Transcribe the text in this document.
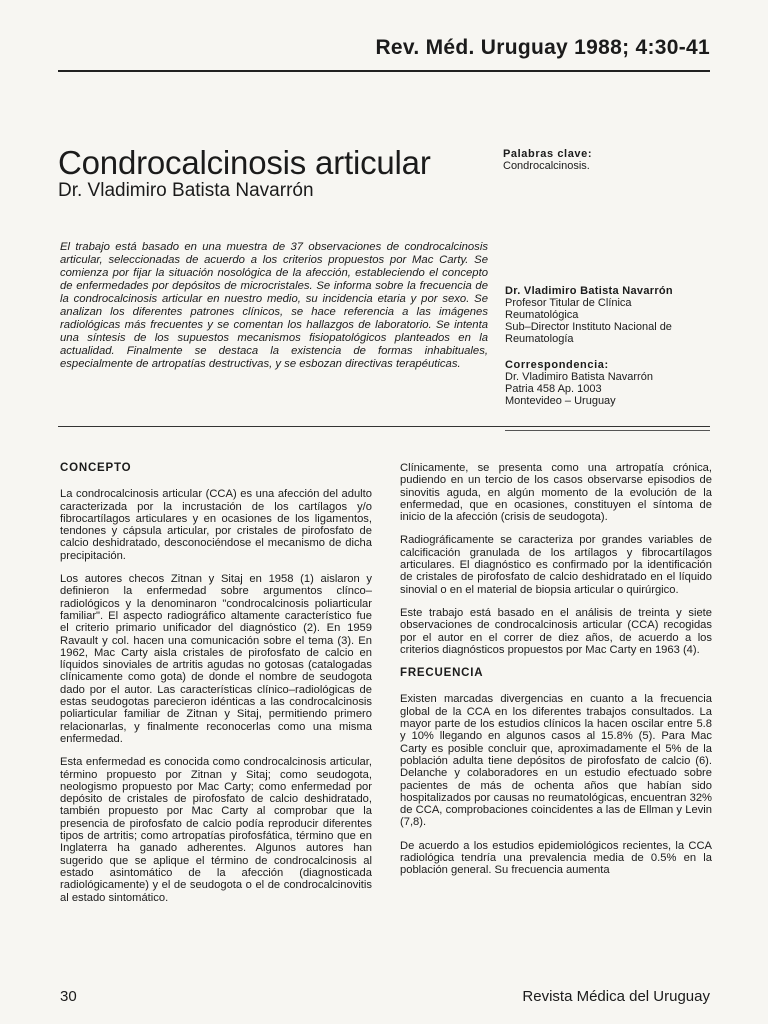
Rev. Méd. Uruguay 1988; 4:30-41
Condrocalcinosis articular
Dr. Vladimiro Batista Navarrón
Palabras clave:
Condrocalcinosis.
El trabajo está basado en una muestra de 37 observaciones de condrocalcinosis articular, seleccionadas de acuerdo a los criterios propuestos por Mac Carty. Se comienza por fijar la situación nosológica de la afección, estableciendo el concepto de enfermedades por depósitos de microcristales. Se informa sobre la frecuencia de la condrocalcinosis articular en nuestro medio, su incidencia etaria y por sexo. Se analizan los diferentes patrones clínicos, se hace referencia a las imágenes radiológicas más frecuentes y se comentan los hallazgos de laboratorio. Se intenta una síntesis de los supuestos mecanismos fisiopatológicos planteados en la actualidad. Finalmente se destaca la existencia de formas inhabituales, especialmente de artropatías destructivas, y se esbozan directivas terapéuticas.
Dr. Vladimiro Batista Navarrón
Profesor Titular de Clínica
Reumatológica
Sub–Director Instituto Nacional de
Reumatología
Correspondencia:
Dr. Vladimiro Batista Navarrón
Patria 458 Ap. 1003
Montevideo – Uruguay
CONCEPTO

La condrocalcinosis articular (CCA) es una afección del adulto caracterizada por la incrustación de los cartílagos y/o fibrocartílagos articulares y en ocasiones de los ligamentos, tendones y cápsula articular, por cristales de pirofosfato de calcio deshidratado, desconociéndose el mecanismo de dicha precipitación.

Los autores checos Zitnan y Sitaj en 1958 (1) aislaron y definieron la enfermedad sobre argumentos clínco–radiológicos y la denominaron "condrocalcinosis poliarticular familiar". El aspecto radiográfico altamente característico fue el criterio primario unificador del diagnóstico (2). En 1959 Ravault y col. hacen una comunicación sobre el tema (3). En 1962, Mac Carty aisla cristales de pirofosfato de calcio en líquidos sinoviales de artritis agudas no gotosas (catalogadas clínicamente como gota) de donde el nombre de seudogota dado por el autor. Las características clínico–radiológicas de estas seudogotas parecieron idénticas a las condrocalcinosis poliarticular familiar de Zitnan y Sitaj, permitiendo primero relacionarlas, y finalmente reconocerlas como una misma enfermedad.

Esta enfermedad es conocida como condrocalcinosis articular, término propuesto por Zitnan y Sitaj; como seudogota, neologismo propuesto por Mac Carty; como enfermedad por depósito de cristales de pirofosfato de calcio deshidratado, también propuesto por Mac Carty al comprobar que la presencia de pirofosfato de calcio podía reproducir diferentes tipos de artritis; como artropatías pirofosfática, término que en Inglaterra ha ganado adherentes. Algunos autores han sugerido que se aplique el término de condrocalcinosis al estado asintomático de la afección (diagnosticada radiológicamente) y el de seudogota o el de condrocalcinovitis al estado sintomático.

Clínicamente, se presenta como una artropatía crónica, pudiendo en un tercio de los casos observarse episodios de sinovitis aguda, en algún momento de la evolución de la enfermedad, que en ocasiones, constituyen el síntoma de inicio de la afección (crisis de seudogota).

Radiográficamente se caracteriza por grandes variables de calcificación granulada de los artílagos y fibrocartílagos articulares. El diagnóstico es confirmado por la identificación de cristales de pirofosfato de calcio deshidratado en el líquido sinovial o en el material de biopsia articular o quirúrgico.

Este trabajo está basado en el análisis de treinta y siete observaciones de condrocalcinosis articular (CCA) recogidas por el autor en el correr de diez años, de acuerdo a los criterios diagnósticos propuestos por Mac Carty en 1963 (4).

FRECUENCIA

Existen marcadas divergencias en cuanto a la frecuencia global de la CCA en los diferentes trabajos consultados. La mayor parte de los estudios clínicos la hacen oscilar entre 5.8 y 10% llegando en algunos casos al 15.8% (5). Para Mac Carty es posible concluir que, aproximadamente el 5% de la población adulta tiene depósitos de pirofosfato de calcio (6). Delanche y colaboradores en un estudio efectuado sobre pacientes de más de ochenta años que habían sido hospitalizados por causas no reumatológicas, encuentran 32% de CCA, comprobaciones coincidentes a las de Ellman y Levin (7,8).

De acuerdo a los estudios epidemiológicos recientes, la CCA radiológica tendría una prevalencia media de 0.5% en la población general. Su frecuencia aumenta

30	Revista Médica del Uruguay
